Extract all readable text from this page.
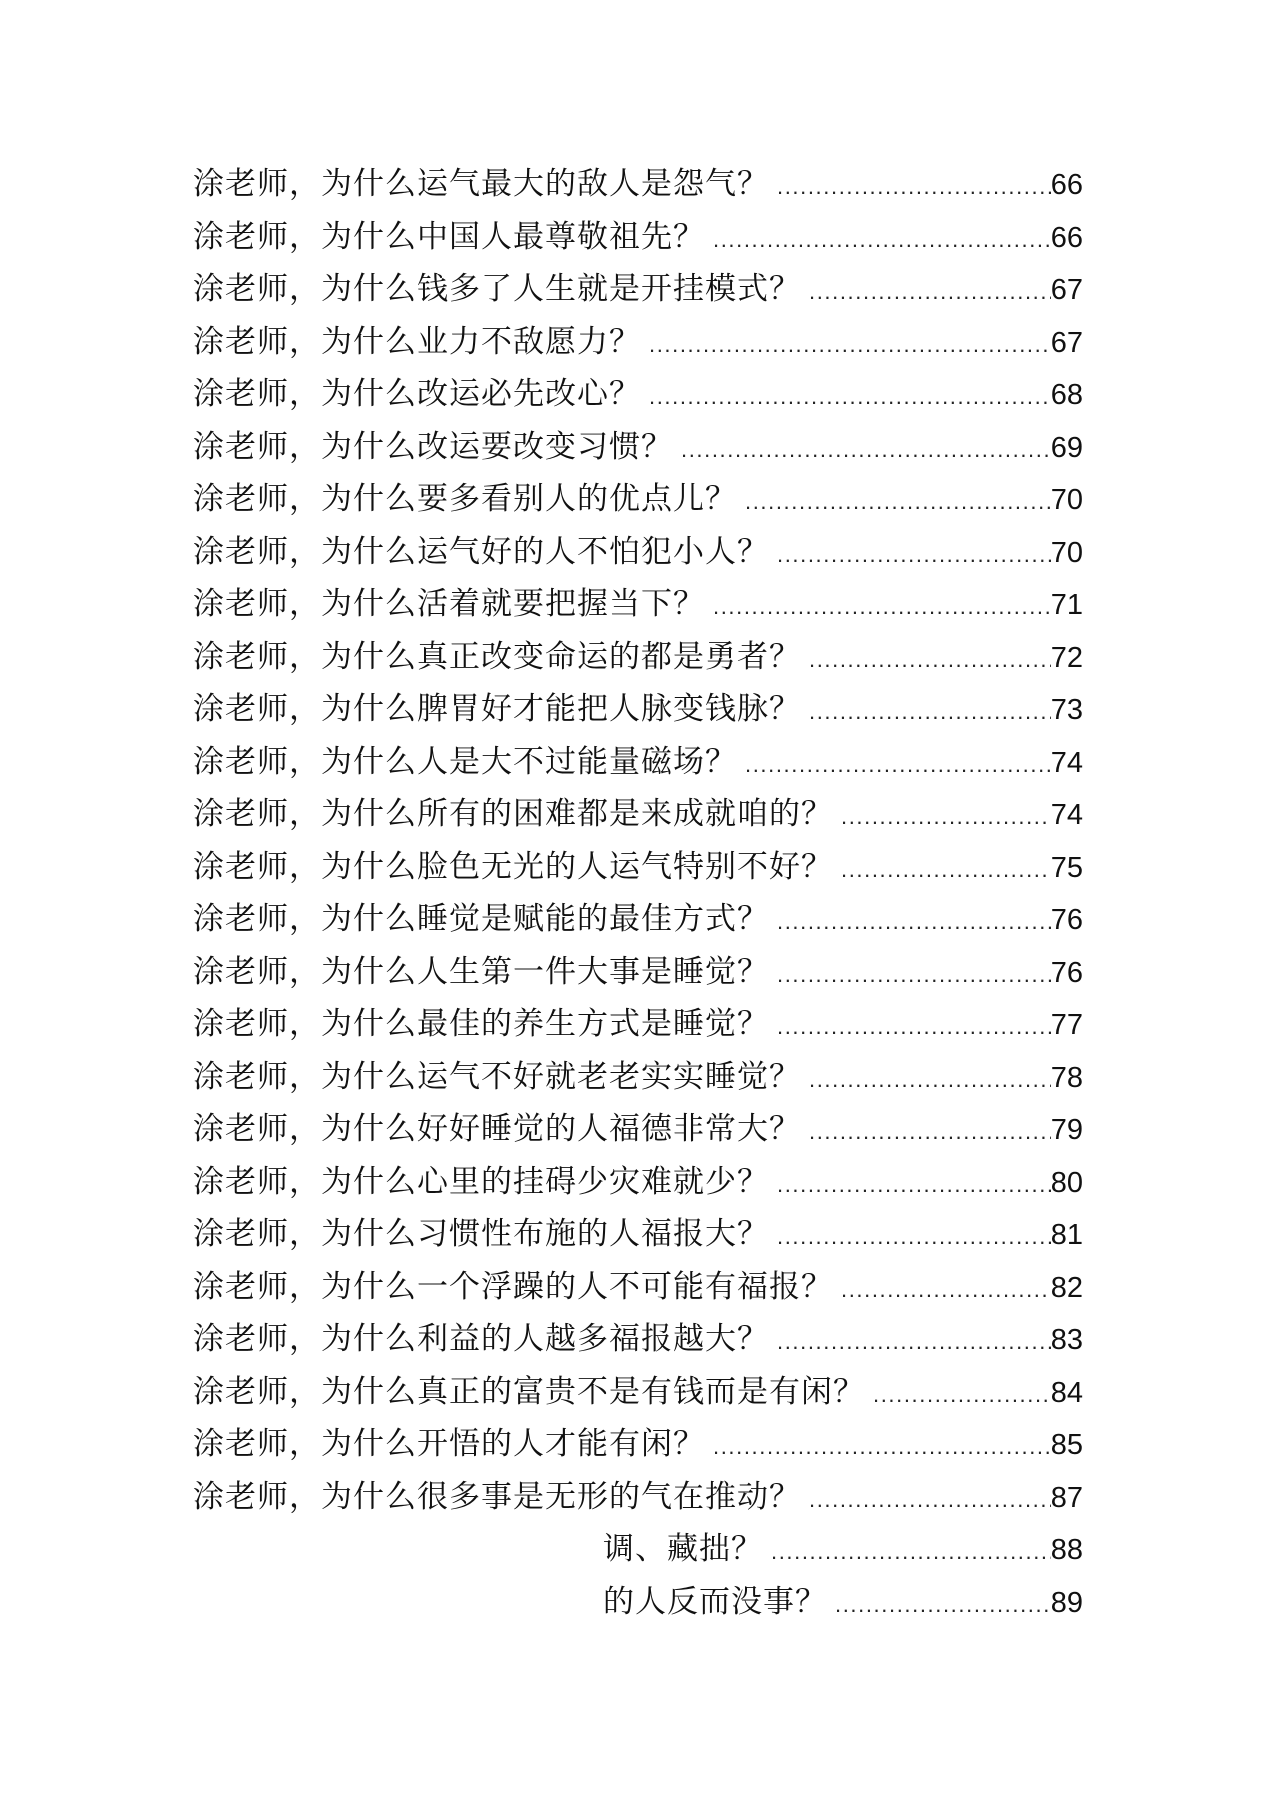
涂老师，为什么运气最大的敌人是怨气？ .....	66
涂老师，为什么中国人最尊敬祖先？ .....	66
涂老师，为什么钱多了人生就是开挂模式？ .....	67
涂老师，为什么业力不敌愿力？ .....	67
涂老师，为什么改运必先改心？ .....	68
涂老师，为什么改运要改变习惯？ .....	69
涂老师，为什么要多看别人的优点儿？ .....	70
涂老师，为什么运气好的人不怕犯小人？ .....	70
涂老师，为什么活着就要把握当下？ .....	71
涂老师，为什么真正改变命运的都是勇者？ .....	72
涂老师，为什么脾胃好才能把人脉变钱脉？ .....	73
涂老师，为什么人是大不过能量磁场？ .....	74
涂老师，为什么所有的困难都是来成就咱的？ .....	74
涂老师，为什么脸色无光的人运气特别不好？ .....	75
涂老师，为什么睡觉是赋能的最佳方式？ .....	76
涂老师，为什么人生第一件大事是睡觉？ .....	76
涂老师，为什么最佳的养生方式是睡觉？ .....	77
涂老师，为什么运气不好就老老实实睡觉？ .....	78
涂老师，为什么好好睡觉的人福德非常大？ .....	79
涂老师，为什么心里的挂碍少灾难就少？ .....	80
涂老师，为什么习惯性布施的人福报大？ .....	81
涂老师，为什么一个浮躁的人不可能有福报？ .....	82
涂老师，为什么利益的人越多福报越大？ .....	83
涂老师，为什么真正的富贵不是有钱而是有闲？ .....	84
涂老师，为什么开悟的人才能有闲？ .....	85
涂老师，为什么很多事是无形的气在推动？ .....	87
调、藏拙？ .....	88
的人反而没事？ .....	89
